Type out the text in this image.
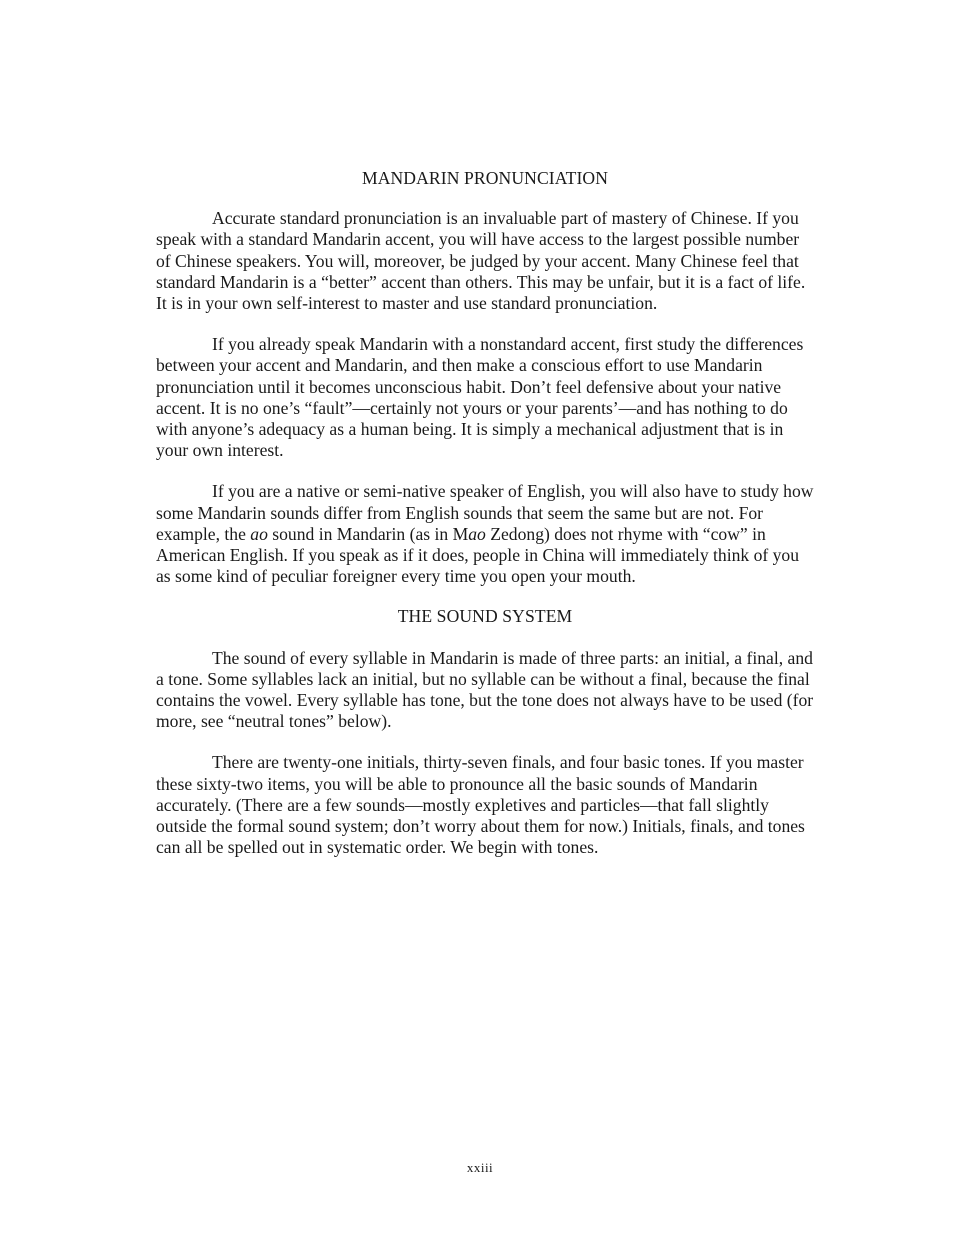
MANDARIN PRONUNCIATION

Accurate standard pronunciation is an invaluable part of mastery of Chinese. If you speak with a standard Mandarin accent, you will have access to the largest possible number of Chinese speakers. You will, moreover, be judged by your accent. Many Chinese feel that standard Mandarin is a “better” accent than others. This may be unfair, but it is a fact of life. It is in your own self-interest to master and use standard pronunciation.

If you already speak Mandarin with a nonstandard accent, first study the differences between your accent and Mandarin, and then make a conscious effort to use Mandarin pronunciation until it becomes unconscious habit. Don’t feel defensive about your native accent. It is no one’s “fault”—certainly not yours or your parents’—and has nothing to do with anyone’s adequacy as a human being. It is simply a mechanical adjustment that is in your own interest.

If you are a native or semi-native speaker of English, you will also have to study how some Mandarin sounds differ from English sounds that seem the same but are not. For example, the ao sound in Mandarin (as in Mao Zedong) does not rhyme with “cow” in American English. If you speak as if it does, people in China will immediately think of you as some kind of peculiar foreigner every time you open your mouth.

THE SOUND SYSTEM

The sound of every syllable in Mandarin is made of three parts: an initial, a final, and a tone. Some syllables lack an initial, but no syllable can be without a final, because the final contains the vowel. Every syllable has tone, but the tone does not always have to be used (for more, see “neutral tones” below).

There are twenty-one initials, thirty-seven finals, and four basic tones. If you master these sixty-two items, you will be able to pronounce all the basic sounds of Mandarin accurately. (There are a few sounds—mostly expletives and particles—that fall slightly outside the formal sound system; don’t worry about them for now.) Initials, finals, and tones can all be spelled out in systematic order. We begin with tones.

xxiii
